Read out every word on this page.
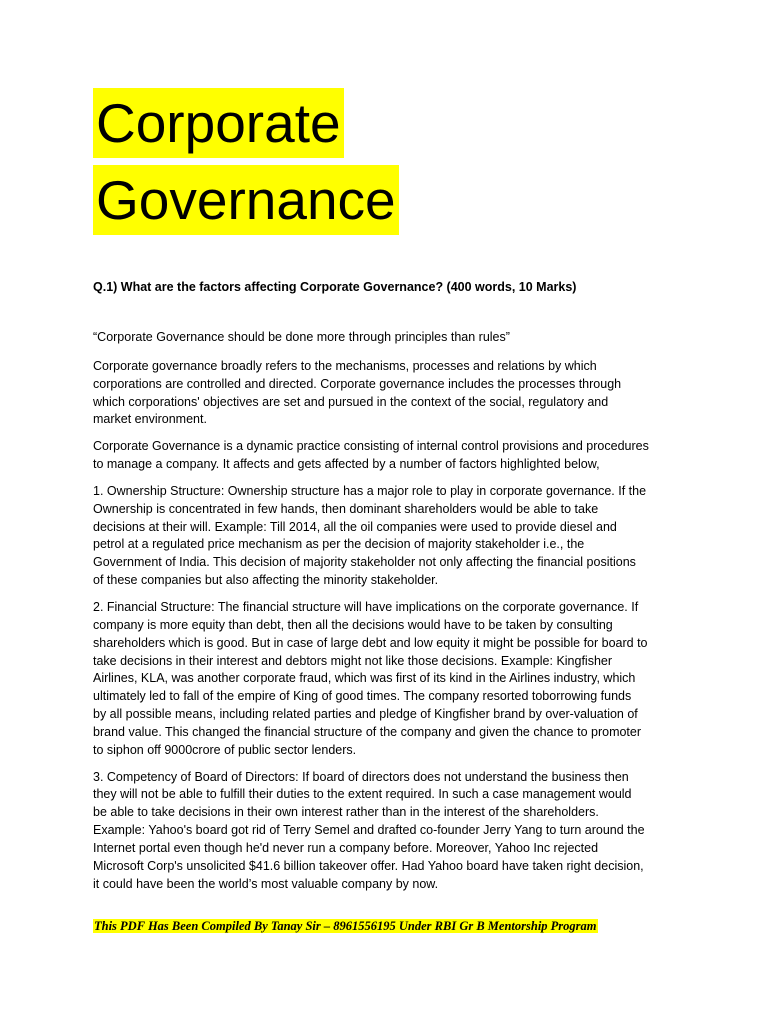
Corporate
Governance

Q.1) What are the factors affecting Corporate Governance? (400 words, 10 Marks)

“Corporate Governance should be done more through principles than rules”

Corporate governance broadly refers to the mechanisms, processes and relations by which
corporations are controlled and directed. Corporate governance includes the processes through
which corporations' objectives are set and pursued in the context of the social, regulatory and
market environment.
Corporate Governance is a dynamic practice consisting of internal control provisions and procedures
to manage a company. It affects and gets affected by a number of factors highlighted below,
1. Ownership Structure: Ownership structure has a major role to play in corporate governance. If the
Ownership is concentrated in few hands, then dominant shareholders would be able to take
decisions at their will. Example: Till 2014, all the oil companies were used to provide diesel and
petrol at a regulated price mechanism as per the decision of majority stakeholder i.e., the
Government of India. This decision of majority stakeholder not only affecting the financial positions
of these companies but also affecting the minority stakeholder.
2. Financial Structure: The financial structure will have implications on the corporate governance. If
company is more equity than debt, then all the decisions would have to be taken by consulting
shareholders which is good. But in case of large debt and low equity it might be possible for board to
take decisions in their interest and debtors might not like those decisions. Example: Kingfisher
Airlines, KLA, was another corporate fraud, which was first of its kind in the Airlines industry, which
ultimately led to fall of the empire of King of good times. The company resorted toborrowing funds
by all possible means, including related parties and pledge of Kingfisher brand by over-valuation of
brand value. This changed the financial structure of the company and given the chance to promoter
to siphon off 9000crore of public sector lenders.
3. Competency of Board of Directors: If board of directors does not understand the business then
they will not be able to fulfill their duties to the extent required. In such a case management would
be able to take decisions in their own interest rather than in the interest of the shareholders.
Example: Yahoo's board got rid of Terry Semel and drafted co-founder Jerry Yang to turn around the
Internet portal even though he'd never run a company before. Moreover, Yahoo Inc rejected
Microsoft Corp's unsolicited $41.6 billion takeover offer. Had Yahoo board have taken right decision,
it could have been the world’s most valuable company by now.
This PDF Has Been Compiled By Tanay Sir – 8961556195 Under RBI Gr B Mentorship Program
